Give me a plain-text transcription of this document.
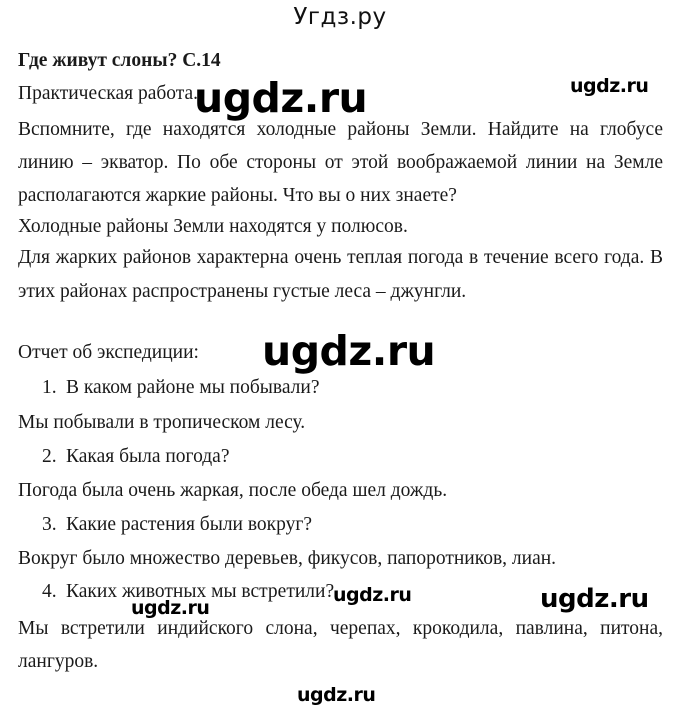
Угдз.ру
Где живут слоны? С.14
Практическая работа.
Вспомните, где находятся холодные районы Земли. Найдите на глобусе
линию – экватор. По обе стороны от этой воображаемой линии на Земле
располагаются жаркие районы. Что вы о них знаете?
Холодные районы Земли находятся у полюсов.
Для жарких районов характерна очень теплая погода в течение всего года. В
этих районах распространены густые леса – джунгли.
Отчет об экспедиции:
1. В каком районе мы побывали?
Мы побывали в тропическом лесу.
2. Какая была погода?
Погода была очень жаркая, после обеда шел дождь.
3. Какие растения были вокруг?
Вокруг было множество деревьев, фикусов, папоротников, лиан.
4. Каких животных мы встретили?
Мы встретили индийского слона, черепах, крокодила, павлина, питона,
лангуров.
ugdz.ru	ugdz.ru
ugdz.ru
ugdz.ru
ugdz.ru	ugdz.ru
ugdz.ru
